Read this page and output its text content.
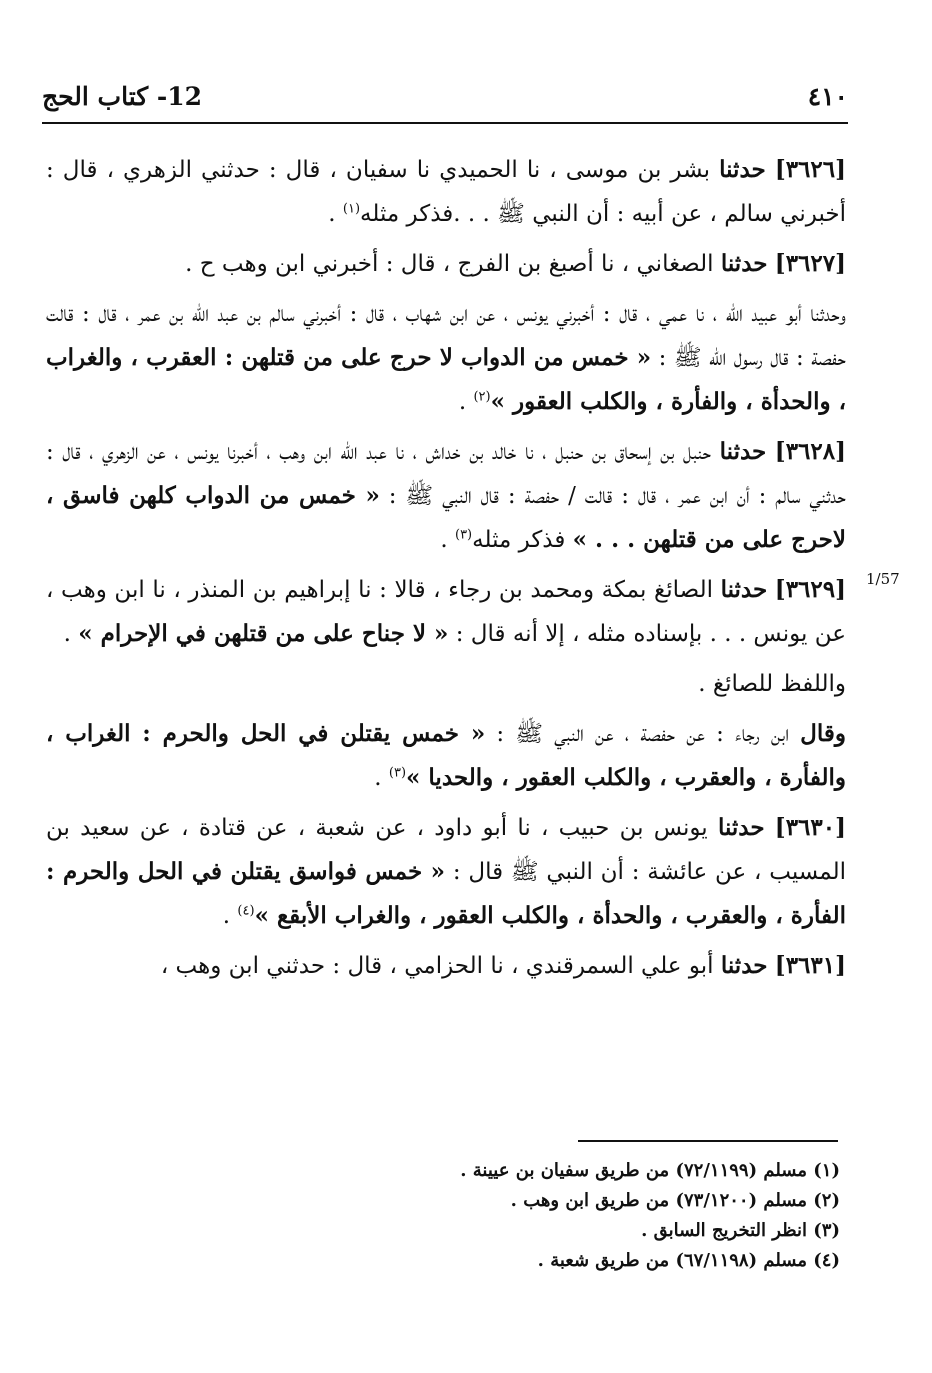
12- كتاب الحج	٤١٠
1/57

[٣٦٢٦] حدثنا بشر بن موسى ، نا الحميدي نا سفيان ، قال : حدثني الزهري ، قال : أخبرني سالم ، عن أبيه : أن النبي ﷺ . . .فذكر مثله$^{(١)}$ .

[٣٦٢٧] حدثنا الصغاني ، نا أصبغ بن الفرج ، قال : أخبرني ابن وهب ح .

وحدثنا أبو عبيد الله ، نا عمي ، قال : أخبرني يونس ، عن ابن شهاب ، قال : أخبرني سالم بن عبد الله بن عمر ، قال : قالت حفصة : قال رسول الله ﷺ : « خمس من الدواب لا حرج على من قتلهن : العقرب ، والغراب ، والحدأة ، والفأرة ، والكلب العقور »$^{(٢)}$ .

[٣٦٢٨] حدثنا حنبل بن إسحاق بن حنبل ، نا خالد بن خداش ، نا عبد الله ابن وهب ، أخبرنا يونس ، عن الزهري ، قال : حدثني سالم : أن ابن عمر ، قال : قالت / حفصة : قال النبي ﷺ : « خمس من الدواب كلهن فاسق ، لاحرج على من قتلهن . . . » فذكر مثله$^{(٣)}$ .

[٣٦٢٩] حدثنا الصائغ بمكة ومحمد بن رجاء ، قالا : نا إبراهيم بن المنذر ، نا ابن وهب ، عن يونس . . . بإسناده مثله ، إلا أنه قال : « لا جناح على من قتلهن في الإحرام » .

واللفظ للصائغ .

وقال ابن رجاء : عن حفصة ، عن النبي ﷺ : « خمس يقتلن في الحل والحرم : الغراب ، والفأرة ، والعقرب ، والكلب العقور ، والحديا »$^{(٣)}$ .

[٣٦٣٠] حدثنا يونس بن حبيب ، نا أبو داود ، عن شعبة ، عن قتادة ، عن سعيد بن المسيب ، عن عائشة : أن النبي ﷺ قال : « خمس فواسق يقتلن في الحل والحرم : الفأرة ، والعقرب ، والحدأة ، والكلب العقور ، والغراب الأبقع »$^{(٤)}$ .

[٣٦٣١] حدثنا أبو علي السمرقندي ، نا الحزامي ، قال : حدثني ابن وهب ،

(١) مسلم (٧٢/١١٩٩) من طريق سفيان بن عيينة .
(٢) مسلم (٧٣/١٢٠٠) من طريق ابن وهب .
(٣) انظر التخريج السابق .
(٤) مسلم (٦٧/١١٩٨) من طريق شعبة .
